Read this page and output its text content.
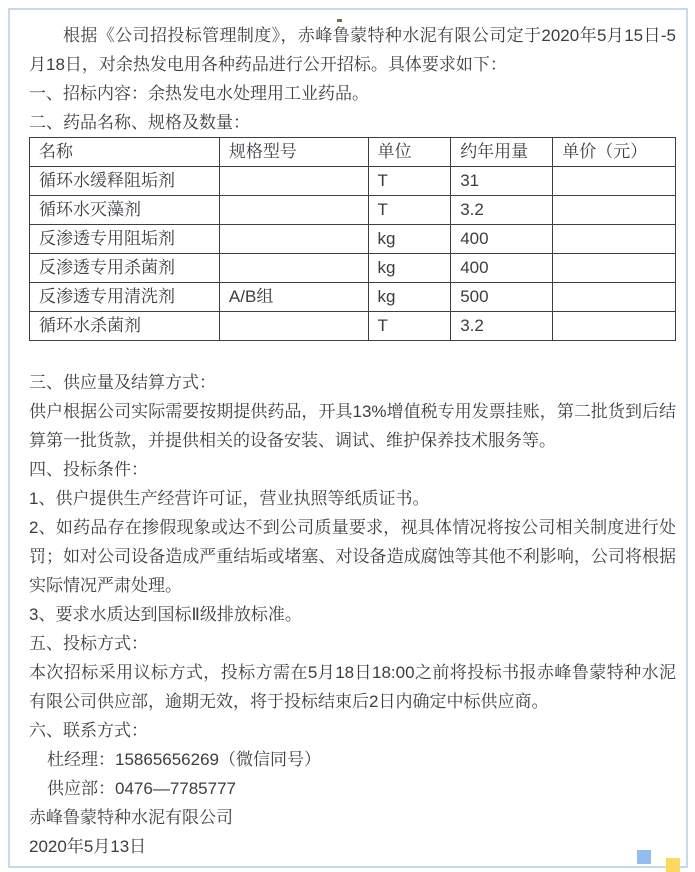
根据《公司招投标管理制度》，赤峰鲁蒙特种水泥有限公司定于2020年5月15日-5月18日，对余热发电用各种药品进行公开招标。具体要求如下：

一、招标内容：余热发电水处理用工业药品。

二、药品名称、规格及数量：

名称	规格型号	单位	约年用量	单价（元）
循环水缓释阻垢剂		T	31	
循环水灭藻剂		T	3.2	
反渗透专用阻垢剂		kg	400	
反渗透专用杀菌剂		kg	400	
反渗透专用清洗剂	A/B组	kg	500	
循环水杀菌剂		T	3.2	

三、供应量及结算方式：

供户根据公司实际需要按期提供药品，开具13%增值税专用发票挂账，第二批货到后结算第一批货款，并提供相关的设备安装、调试、维护保养技术服务等。

四、投标条件：

1、供户提供生产经营许可证，营业执照等纸质证书。

2、如药品存在掺假现象或达不到公司质量要求，视具体情况将按公司相关制度进行处罚；如对公司设备造成严重结垢或堵塞、对设备造成腐蚀等其他不利影响，公司将根据实际情况严肃处理。

3、要求水质达到国标Ⅱ级排放标准。

五、投标方式：

本次招标采用议标方式，投标方需在5月18日18:00之前将投标书报赤峰鲁蒙特种水泥有限公司供应部，逾期无效，将于投标结束后2日内确定中标供应商。

六、联系方式：

杜经理：15865656269（微信同号）

供应部：0476—7785777

赤峰鲁蒙特种水泥有限公司

2020年5月13日
